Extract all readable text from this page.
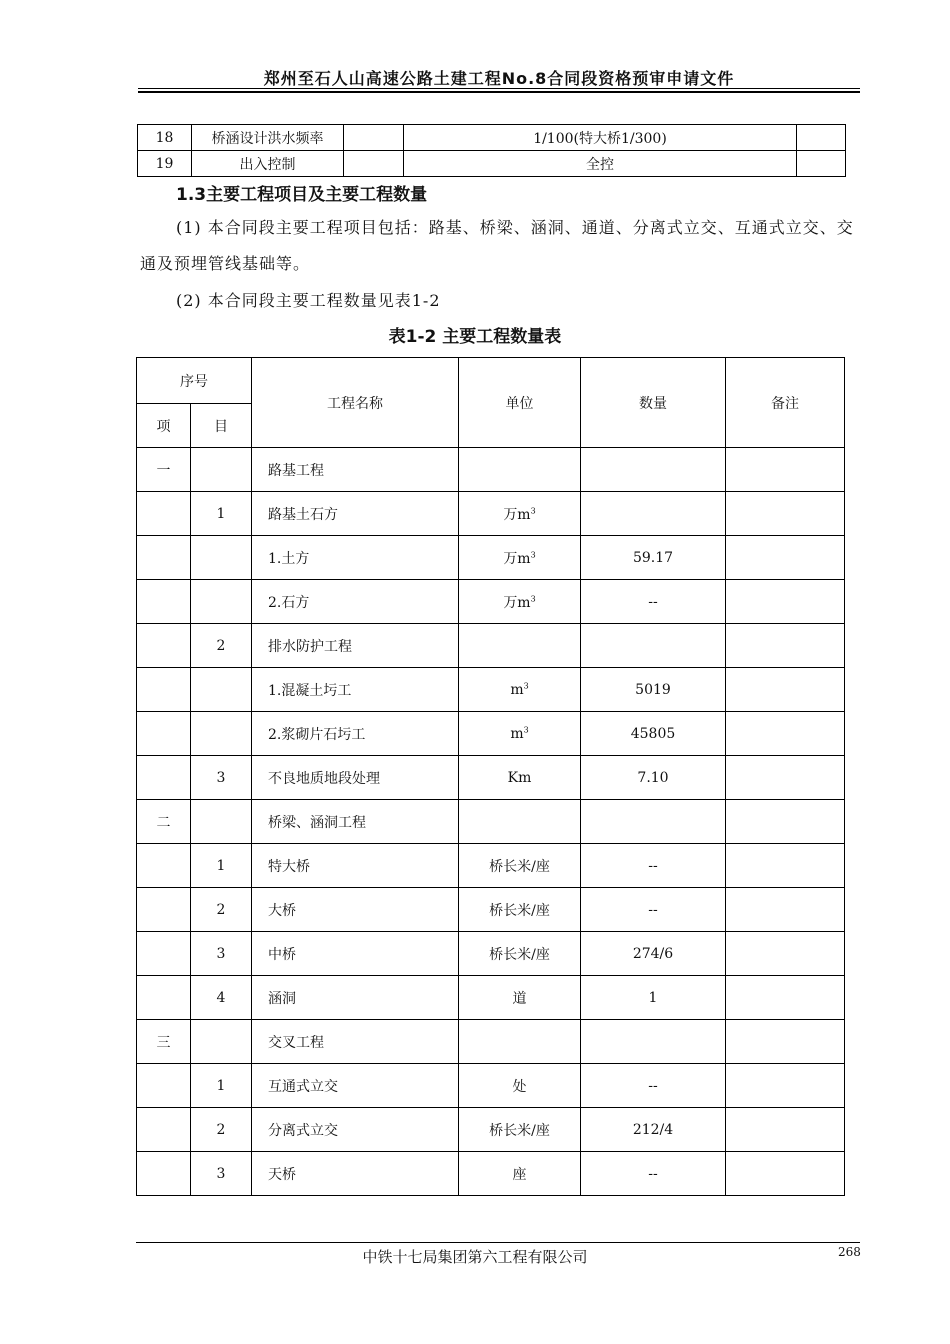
郑州至石人山高速公路土建工程No.8合同段资格预审申请文件
18	桥涵设计洪水频率		1/100(特大桥1/300)	
19	出入控制		全控	
1.3主要工程项目及主要工程数量
(1) 本合同段主要工程项目包括：路基、桥梁、涵洞、通道、分离式立交、互通式立交、交通及预埋管线基础等。
(2) 本合同段主要工程数量见表1-2
表1-2 主要工程数量表
序号		工程名称	单位	数量	备注
项	目				
一		路基工程			
	1	路基土石方	万$m^3$		
		1.土方	万$m^3$	59.17	
		2.石方	万$m^3$	--	
	2	排水防护工程			
		1.混凝土圬工	$m^3$	5019	
		2.浆砌片石圬工	$m^3$	45805	
	3	不良地质地段处理	Km	7.10	
二		桥梁、涵洞工程			
	1	特大桥	桥长米/座	--	
	2	大桥	桥长米/座	--	
	3	中桥	桥长米/座	274/6	
	4	涵洞	道	1	
三		交叉工程			
	1	互通式立交	处	--	
	2	分离式立交	桥长米/座	212/4	
	3	天桥	座	--	
中铁十七局集团第六工程有限公司	268
